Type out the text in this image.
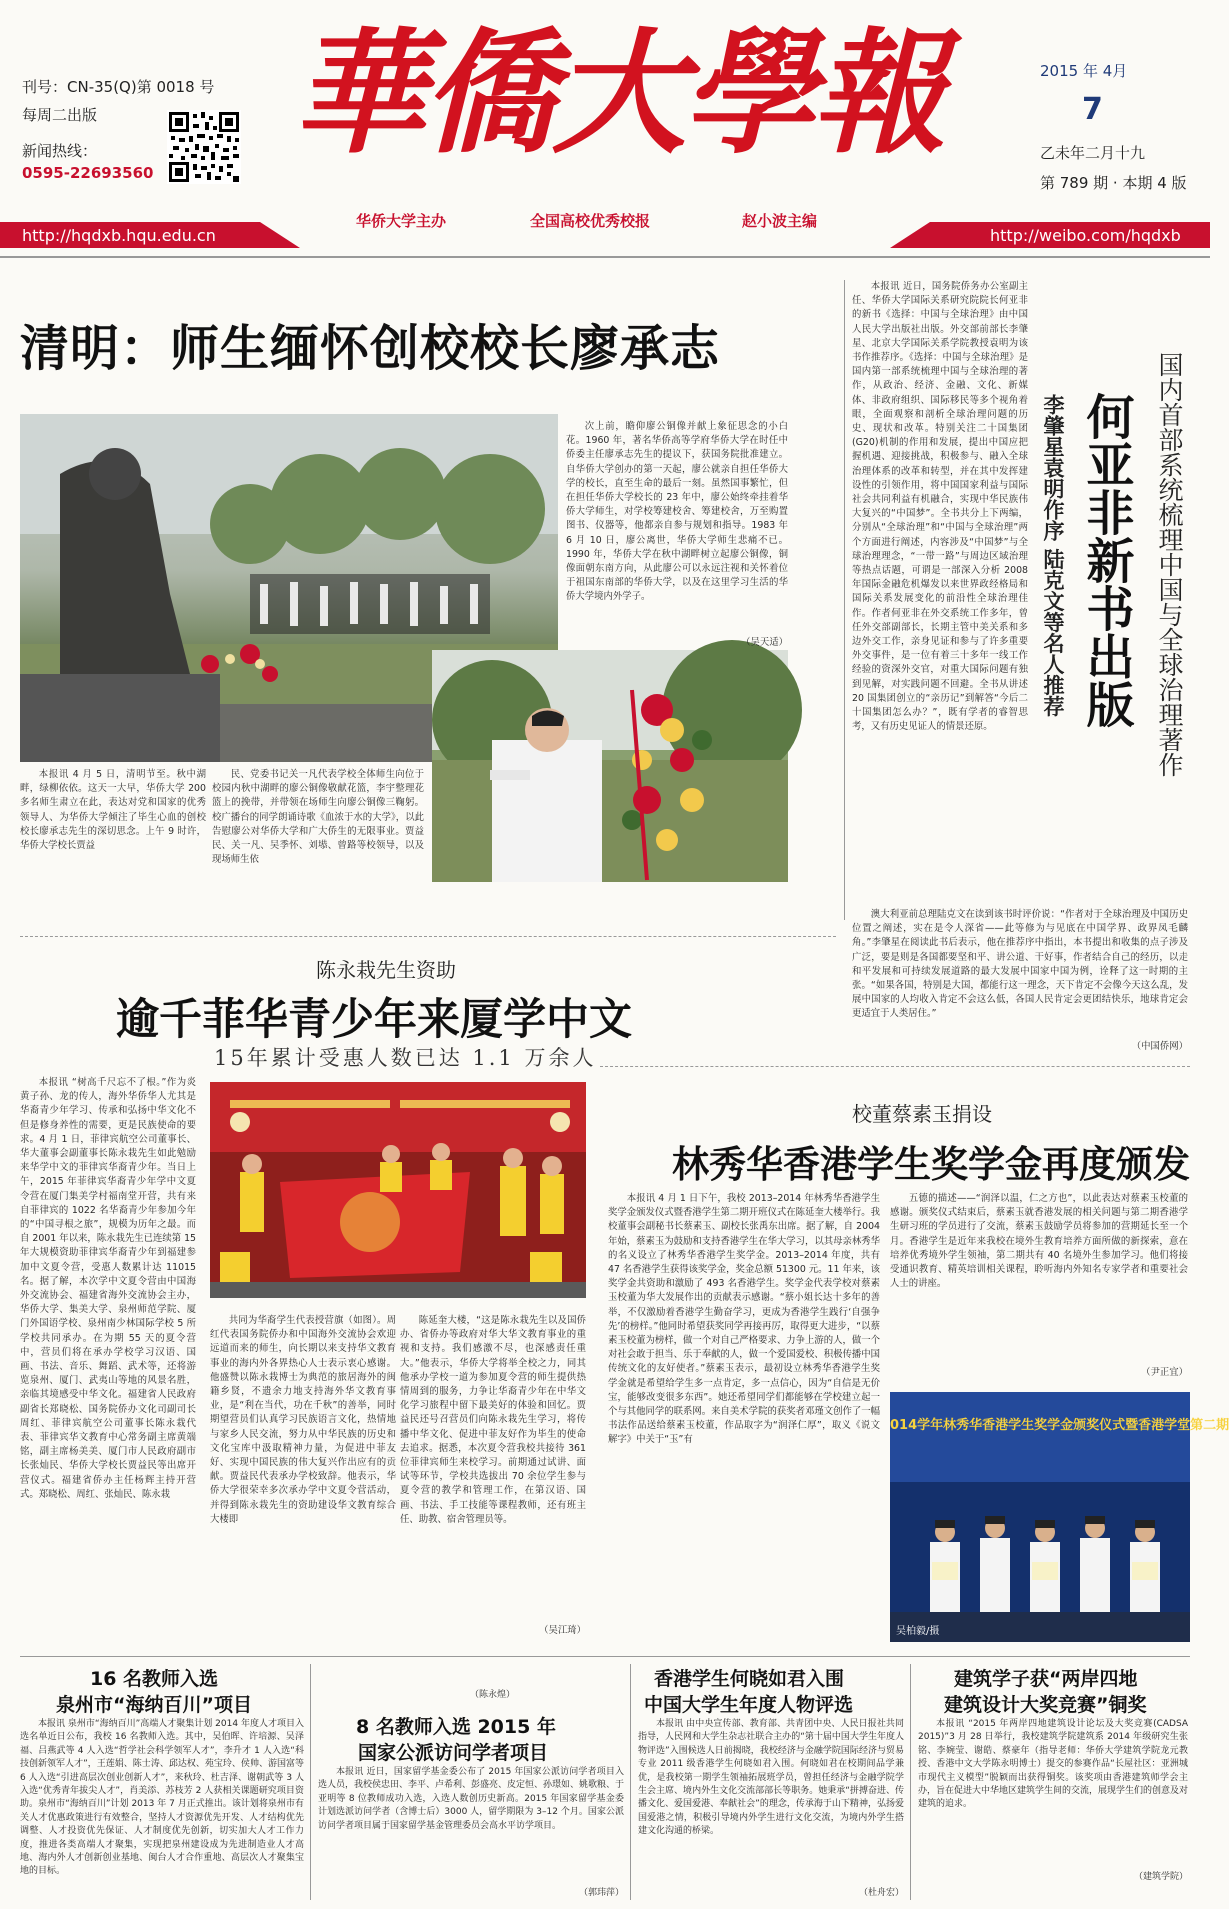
刊号：CN-35(Q)第 0018 号
每周二出版
新闻热线：
0595-22693560
華僑大學報	2015 年 4月
7
乙未年二月十九
第 789 期 · 本期 4 版
华侨大学主办	全国高校优秀校报	赵小波主编
http://hqdxb.hqu.edu.cn	http://weibo.com/hqdxb
清明：师生缅怀创校校长廖承志
本报讯 4 月 5 日，清明节至。秋中湖畔，绿柳依依。这天一大早，华侨大学 200 多名师生肃立在此，表达对党和国家的优秀领导人、为华侨大学倾注了毕生心血的创校校长廖承志先生的深切思念。上午 9 时许，华侨大学校长贾益
民、党委书记关一凡代表学校全体师生向位于校园内秋中湖畔的廖公铜像敬献花篮，李宇整理花篮上的挽带，并带领在场师生向廖公铜像三鞠躬。校广播台的同学朗诵诗歌《血浓于水的大学》，以此告慰廖公对华侨大学和广大侨生的无限事业。贾益民、关一凡、吴季怀、刘塨、曾路等校领导，以及现场师生依
次上前，瞻仰廖公铜像并献上象征思念的小白花。1960 年，著名华侨高等学府华侨大学在时任中侨委主任廖承志先生的提议下，获国务院批准建立。自华侨大学创办的第一天起，廖公就亲自担任华侨大学的校长，直至生命的最后一刻。虽然国事繁忙，但在担任华侨大学校长的 23 年中，廖公始终牵挂着华侨大学师生，对学校筹建校舍、筹建校舍，万至购置图书、仪器等，他都亲自参与规划和指导。1983 年 6 月 10 日，廖公离世，华侨大学师生悲痛不已。1990 年，华侨大学在秋中湖畔树立起廖公铜像，铜像面朝东南方向，从此廖公可以永远注视和关怀着位于祖国东南部的华侨大学，以及在这里学习生活的华侨大学境内外学子。
（吴天适）
本报讯 近日，国务院侨务办公室副主任、华侨大学国际关系研究院院长何亚非的新书《选择：中国与全球治理》由中国人民大学出版社出版。外交部前部长李肇星、北京大学国际关系学院教授袁明为该书作推荐序。《选择：中国与全球治理》是国内第一部系统梳理中国与全球治理的著作，从政治、经济、金融、文化、新媒体、非政府组织、国际移民等多个视角着眼，全面观察和剖析全球治理问题的历史、现状和改革。特别关注二十国集团(G20)机制的作用和发展，提出中国应把握机遇、迎接挑战，积极参与、融入全球治理体系的改革和转型，并在其中发挥建设性的引领作用，将中国国家利益与国际社会共同利益有机融合，实现中华民族伟大复兴的“中国梦”。全书共分上下两编，分别从“全球治理”和“中国与全球治理”两个方面进行阐述，内容涉及“中国梦”与全球治理理念，“一带一路”与周边区域治理等热点话题，可谓是一部深入分析 2008 年国际金融危机爆发以来世界政经格局和国际关系发展变化的前沿性全球治理佳作。作者何亚非在外交系统工作多年，曾任外交部副部长，长期主管中美关系和多边外交工作，亲身见证和参与了许多重要外交事件，是一位有着三十多年一线工作经验的资深外交官，对重大国际问题有独到见解，对实践问题不回避。全书从讲述 20 国集团创立的“亲历记”到解答“今后二十国集团怎么办？”，既有学者的睿智思考，又有历史见证人的情景还原。	何亚非新书出版 国内首部系统梳理中国与全球治理著作
李肇星袁明作序 陆克文等名人推荐
澳大利亚前总理陆克文在读到该书时评价说：“作者对于全球治理及中国历史位置之阐述，实在是令人深省——此等修为与见底在中国学界、政界凤毛麟角。”李肇星在阅读此书后表示，他在推荐序中指出，本书提出和收集的点子涉及广泛，要是则是各国都要坚和平、讲公道、干好事，作者结合自己的经历，以走和平发展和可持续发展道路的最大发展中国家中国为例，诠释了这一时期的主张。“如果各国，特别是大国，都能行这一理念，天下肯定不会像今天这么乱，发展中国家的人均收入肯定不会这么低，各国人民肯定会更团结快乐，地球肯定会更适宜于人类居住。”
（中国侨网）
陈永栽先生资助
逾千菲华青少年来厦学中文
15年累计受惠人数已达 1.1 万余人
本报讯 “树高千尺忘不了根。”作为炎黄子孙、龙的传人，海外华侨华人尤其是华裔青少年学习、传承和弘扬中华文化不但是修身养性的需要，更是民族使命的要求。4 月 1 日，菲律宾航空公司董事长、华大董事会副董事长陈永栽先生如此勉励来华学中文的菲律宾华裔青少年。当日上午，2015 年菲律宾华裔青少年学中文夏令营在厦门集美学村福南堂开营，共有来自菲律宾的 1022 名华裔青少年参加今年的“中国寻根之旅”，规模为历年之最。而自 2001 年以来，陈永栽先生已连续第 15 年大规模资助菲律宾华裔青少年到福建参加中文夏令营，受惠人数累计达 11015 名。据了解，本次学中文夏令营由中国海外交流协会、福建省海外交流协会主办，华侨大学、集美大学、泉州师范学院、厦门外国语学校、泉州南少林国际学校 5 所学校共同承办。在为期 55 天的夏令营中，营员们将在承办学校学习汉语、国画、书法、音乐、舞蹈、武术等，还将游览泉州、厦门、武夷山等地的风景名胜，亲临其境感受中华文化。福建省人民政府副省长郑晓松、国务院侨办文化司副司长周红、菲律宾航空公司董事长陈永栽代表、菲律宾华文教育中心常务副主席黄端铭，副主席杨美美、厦门市人民政府副市长张灿民、华侨大学校长贾益民等出席开营仪式。福建省侨办主任杨辉主持开营式。郑晓松、周红、张灿民、陈永栽
共同为华裔学生代表授营旗（如图）。周红代表国务院侨办和中国海外交流协会欢迎远道而来的师生，向长期以来支持华文教育事业的海内外各界热心人士表示衷心感谢。他盛赞以陈永栽博士为典范的旅居海外的闽籍乡贤，不遗余力地支持海外华文教育事业，是“利在当代，功在千秋”的善举，同时期望营员们认真学习民族语言文化，热情地与家乡人民交流，努力从中华民族的历史和文化宝库中汲取精神力量，为促进中菲友好、实现中国民族的伟大复兴作出应有的贡献。贾益民代表承办学校致辞。他表示，华侨大学很荣幸多次承办学中文夏令营活动，并得到陈永栽先生的资助建设华文教育综合大楼即
陈延奎大楼，“这是陈永栽先生以及国侨办、省侨办等政府对华大华文教育事业的重视和支持。我们感激不尽，也深感责任重大。”他表示，华侨大学将举全校之力，同其他承办学校一道为参加夏令营的师生提供热情周到的服务，力争让华裔青少年在中华文化学习旅程中留下最美好的体验和回忆。贾益民还号召营员们向陈永栽先生学习，将传播中华文化、促进中菲友好作为毕生的使命去追求。据悉，本次夏令营我校共接待 361 位菲律宾师生来校学习。前期通过试讲、面试等环节，学校共选拔出 70 余位学生参与夏令营的教学和管理工作，在第汉语、国画、书法、手工技能等课程教师，还有班主任、助教、宿舍管理员等。
（吴江琦）
校董蔡素玉捐设
林秀华香港学生奖学金再度颁发
本报讯 4 月 1 日下午，我校 2013–2014 年林秀华香港学生奖学金颁发仪式暨香港学生第二期开班仪式在陈延奎大楼举行。我校董事会副秘书长蔡素玉、副校长张禹东出席。据了解，自 2004 年始，蔡素玉为鼓励和支持香港学生在华大学习，以其母亲林秀华的名义设立了林秀华香港学生奖学金。2013–2014 年度，共有 47 名香港学生获得该奖学金，奖金总额 51300 元。11 年来，该奖学金共资助和激励了 493 名香港学生。奖学金代表学校对蔡素玉校董为华大发展作出的贡献表示感谢。“蔡小姐长达十多年的善举，不仅激励着香港学生勤奋学习，更成为香港学生践行‘自强争先’的榜样。”他同时希望获奖同学再接再厉，取得更大进步，“以蔡素玉校董为榜样，做一个对自己严格要求、力争上游的人，做一个对社会敢于担当、乐于奉献的人，做一个爱国爱校、积极传播中国传统文化的友好使者。”蔡素玉表示，最初设立林秀华香港学生奖学金就是希望给学生多一点肯定，多一点信心，因为“自信是无价宝，能够改变很多东西”。她还希望同学们都能够在学校建立起一个与其他同学的联系网。来自美术学院的获奖者邓瑾文创作了一幅书法作品送给蔡素玉校董，作品取字为“润泽仁厚”，取义《说文解字》中关于“玉”有
五德的描述——“润泽以温，仁之方也”，以此表达对蔡素玉校董的感谢。颁奖仪式结束后，蔡素玉就香港发展的相关问题与第二期香港学生研习班的学员进行了交流，蔡素玉鼓励学员将参加的营期延长至一个月。香港学生是近年来我校在境外生教育培养方面所做的新探索，意在培养优秀境外学生领袖，第二期共有 40 名境外生参加学习。他们将接受通识教育、精英培训相关课程，聆听海内外知名专家学者和重要社会人士的讲座。
（尹正宜）
014学年林秀华香港学生奖学金颁奖仪式暨香港学堂第二期
吴柏毅/摄
16 名教师入选
泉州市“海纳百川”项目
本报讯 泉州市“海纳百川”高端人才聚集计划 2014 年度人才项目入选名单近日公布，我校 16 名教师入选。其中，吴伯晖、许培源、吴泽福、吕燕武等 4 人入选“哲学社会科学领军人才”，李升才 1 人入选“科技创新领军人才”，王莲娟、陈士涛、邱达权、苑宝玲、侯帅、游国富等 6 人入选“引进高层次创业创新人才”，来秋玲、杜吉泽、谢朝武等 3 人入选“优秀青年拔尖人才”，肖美添、苏枝芳 2 人获相关课题研究项目资助。泉州市“海纳百川”计划 2013 年 7 月正式推出。该计划将泉州市有关人才优惠政策进行有效整合，坚持人才资源优先开发、人才结构优先调整、人才投资优先保证、人才制度优先创新，切实加大人才工作力度，推进各类高端人才聚集，实现把泉州建设成为先进制造业人才高地、海内外人才创新创业基地、闽台人才合作重地、高层次人才聚集宝地的目标。
（陈永煌）
8 名教师入选 2015 年
国家公派访问学者项目
本报讯 近日，国家留学基金委公布了 2015 年国家公派访问学者项目入选人员，我校侯忠田、李平、卢希利、彭盛亮、皮定恒、孙璟如、姚歌粮、于亚明等 8 位教师成功入选，入选人数创历史新高。2015 年国家留学基金委计划选派访问学者（含博士后）3000 人，留学期限为 3–12 个月。国家公派访问学者项目属于国家留学基金管理委员会高水平访学项目。
（郭玮萍）
香港学生何晓如君入围
中国大学生年度人物评选
本报讯 由中央宣传部、教育部、共青团中央、人民日报社共同指导，人民网和大学生杂志社联合主办的“第十届中国大学生年度人物评选”入围候选人日前揭晓，我校经济与金融学院国际经济与贸易专业 2011 级香港学生何晓如君入围。何晓如君在校期间品学兼优，是我校第一期学生领袖拓展班学员，曾担任经济与金融学院学生会主席、境内外生文化交流部部长等职务。她秉承“拼搏奋进、传播文化、爱国爱港、奉献社会”的理念，传承海于山下精神，弘扬爱国爱港之情，积极引导境内外学生进行文化交流，为境内外学生搭建文化沟通的桥梁。
（杜舟宏）
建筑学子获“两岸四地
建筑设计大奖竞赛”铜奖
本报讯 “2015 年两岸四地建筑设计论坛及大奖竞赛(CADSA 2015)”3 月 28 日举行，我校建筑学院建筑系 2014 年级研究生张铭、李婉莹、谢皓、蔡豪年（指导老师：华侨大学建筑学院龙元教授、香港中文大学陈永明博士）提交的参赛作品“长屋社区：亚洲城市现代主义模型”脱颖而出获得铜奖。该奖项由香港建筑师学会主办，旨在促进大中华地区建筑学生间的交流，展现学生们的创意及对建筑的追求。
（建筑学院）
